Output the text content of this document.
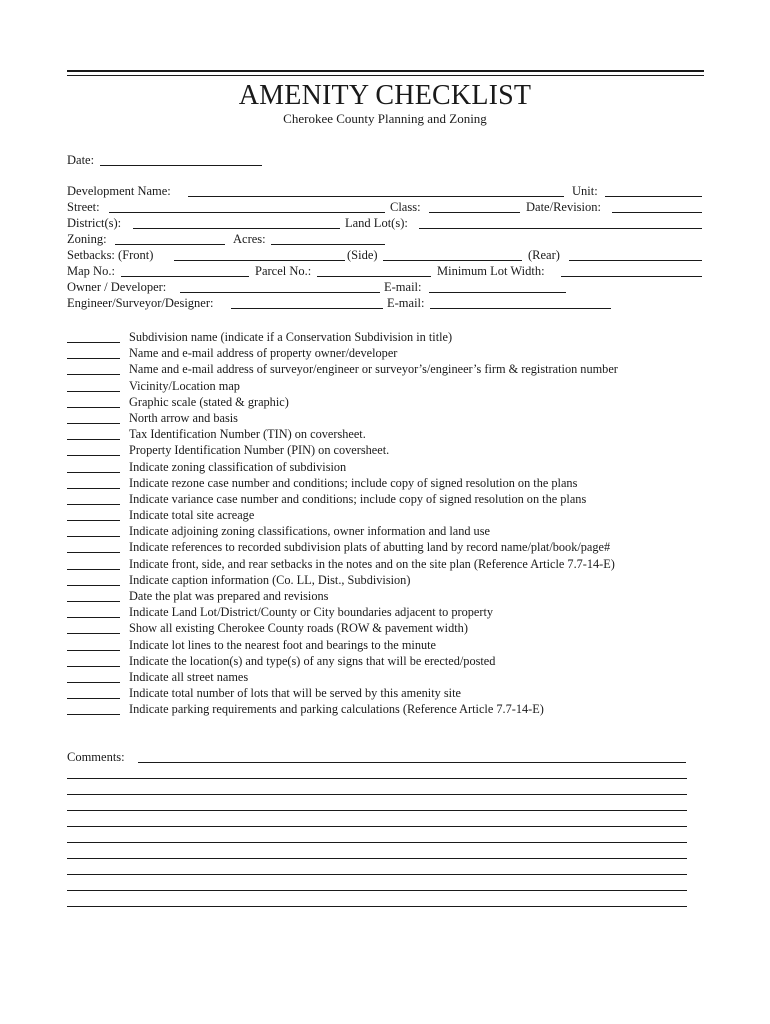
AMENITY CHECKLIST
Cherokee County Planning and Zoning
Date:
Development Name:	Unit:
Street:	Class:	Date/Revision:
District(s):	Land Lot(s):
Zoning:	Acres:
Setbacks: (Front)	(Side)	(Rear)
Map No.:	Parcel No.:	Minimum Lot Width:
Owner / Developer:	E-mail:
Engineer/Surveyor/Designer:	E-mail:
Subdivision name (indicate if a Conservation Subdivision in title)
Name and e-mail address of property owner/developer
Name and e-mail address of surveyor/engineer or surveyor’s/engineer’s firm & registration number
Vicinity/Location map
Graphic scale (stated & graphic)
North arrow and basis
Tax Identification Number (TIN) on coversheet.
Property Identification Number (PIN) on coversheet.
Indicate zoning classification of subdivision
Indicate rezone case number and conditions; include copy of signed resolution on the plans
Indicate variance case number and conditions; include copy of signed resolution on the plans
Indicate total site acreage
Indicate adjoining zoning classifications, owner information and land use
Indicate references to recorded subdivision plats of abutting land by record name/plat/book/page#
Indicate front, side, and rear setbacks in the notes and on the site plan (Reference Article 7.7-14-E)
Indicate caption information (Co. LL, Dist., Subdivision)
Date the plat was prepared and revisions
Indicate Land Lot/District/County or City boundaries adjacent to property
Show all existing Cherokee County roads (ROW & pavement width)
Indicate lot lines to the nearest foot and bearings to the minute
Indicate the location(s) and type(s) of any signs that will be erected/posted
Indicate all street names
Indicate total number of lots that will be served by this amenity site
Indicate parking requirements and parking calculations (Reference Article 7.7-14-E)
Comments:
